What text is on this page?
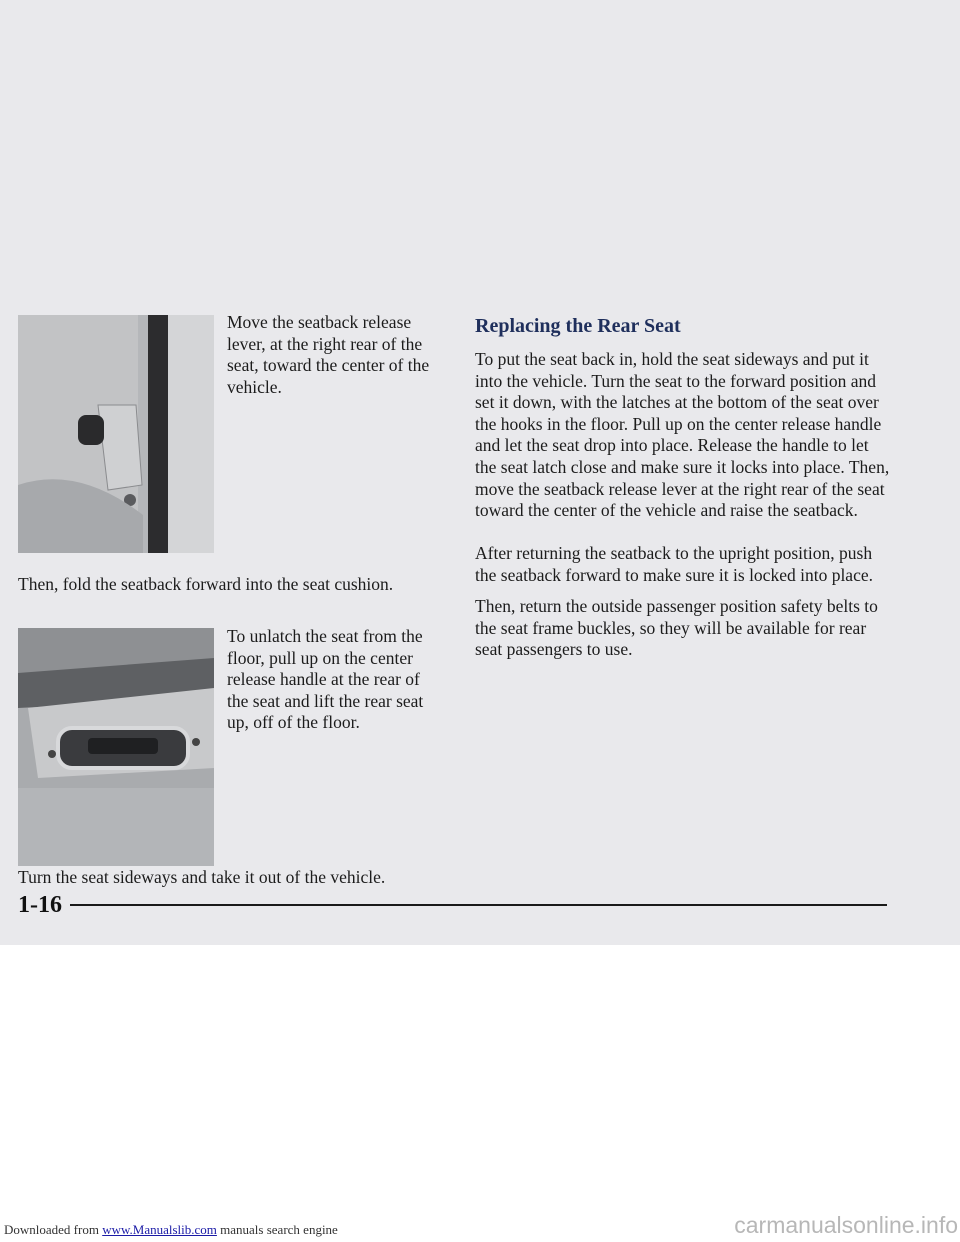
Move the seatback release lever, at the right rear of the seat, toward the center of the vehicle.

Then, fold the seatback forward into the seat cushion.

To unlatch the seat from the floor, pull up on the center release handle at the rear of the seat and lift the rear seat up, off of the floor.

Turn the seat sideways and take it out of the vehicle.

Replacing the Rear Seat

To put the seat back in, hold the seat sideways and put it into the vehicle. Turn the seat to the forward position and set it down, with the latches at the bottom of the seat over the hooks in the floor. Pull up on the center release handle and let the seat drop into place. Release the handle to let the seat latch close and make sure it locks into place. Then, move the seatback release lever at the right rear of the seat toward the center of the vehicle and raise the seatback.

After returning the seatback to the upright position, push the seatback forward to make sure it is locked into place.

Then, return the outside passenger position safety belts to the seat frame buckles, so they will be available for rear seat passengers to use.

1-16
Downloaded from www.Manualslib.com manuals search engine	carmanualsonline.info
